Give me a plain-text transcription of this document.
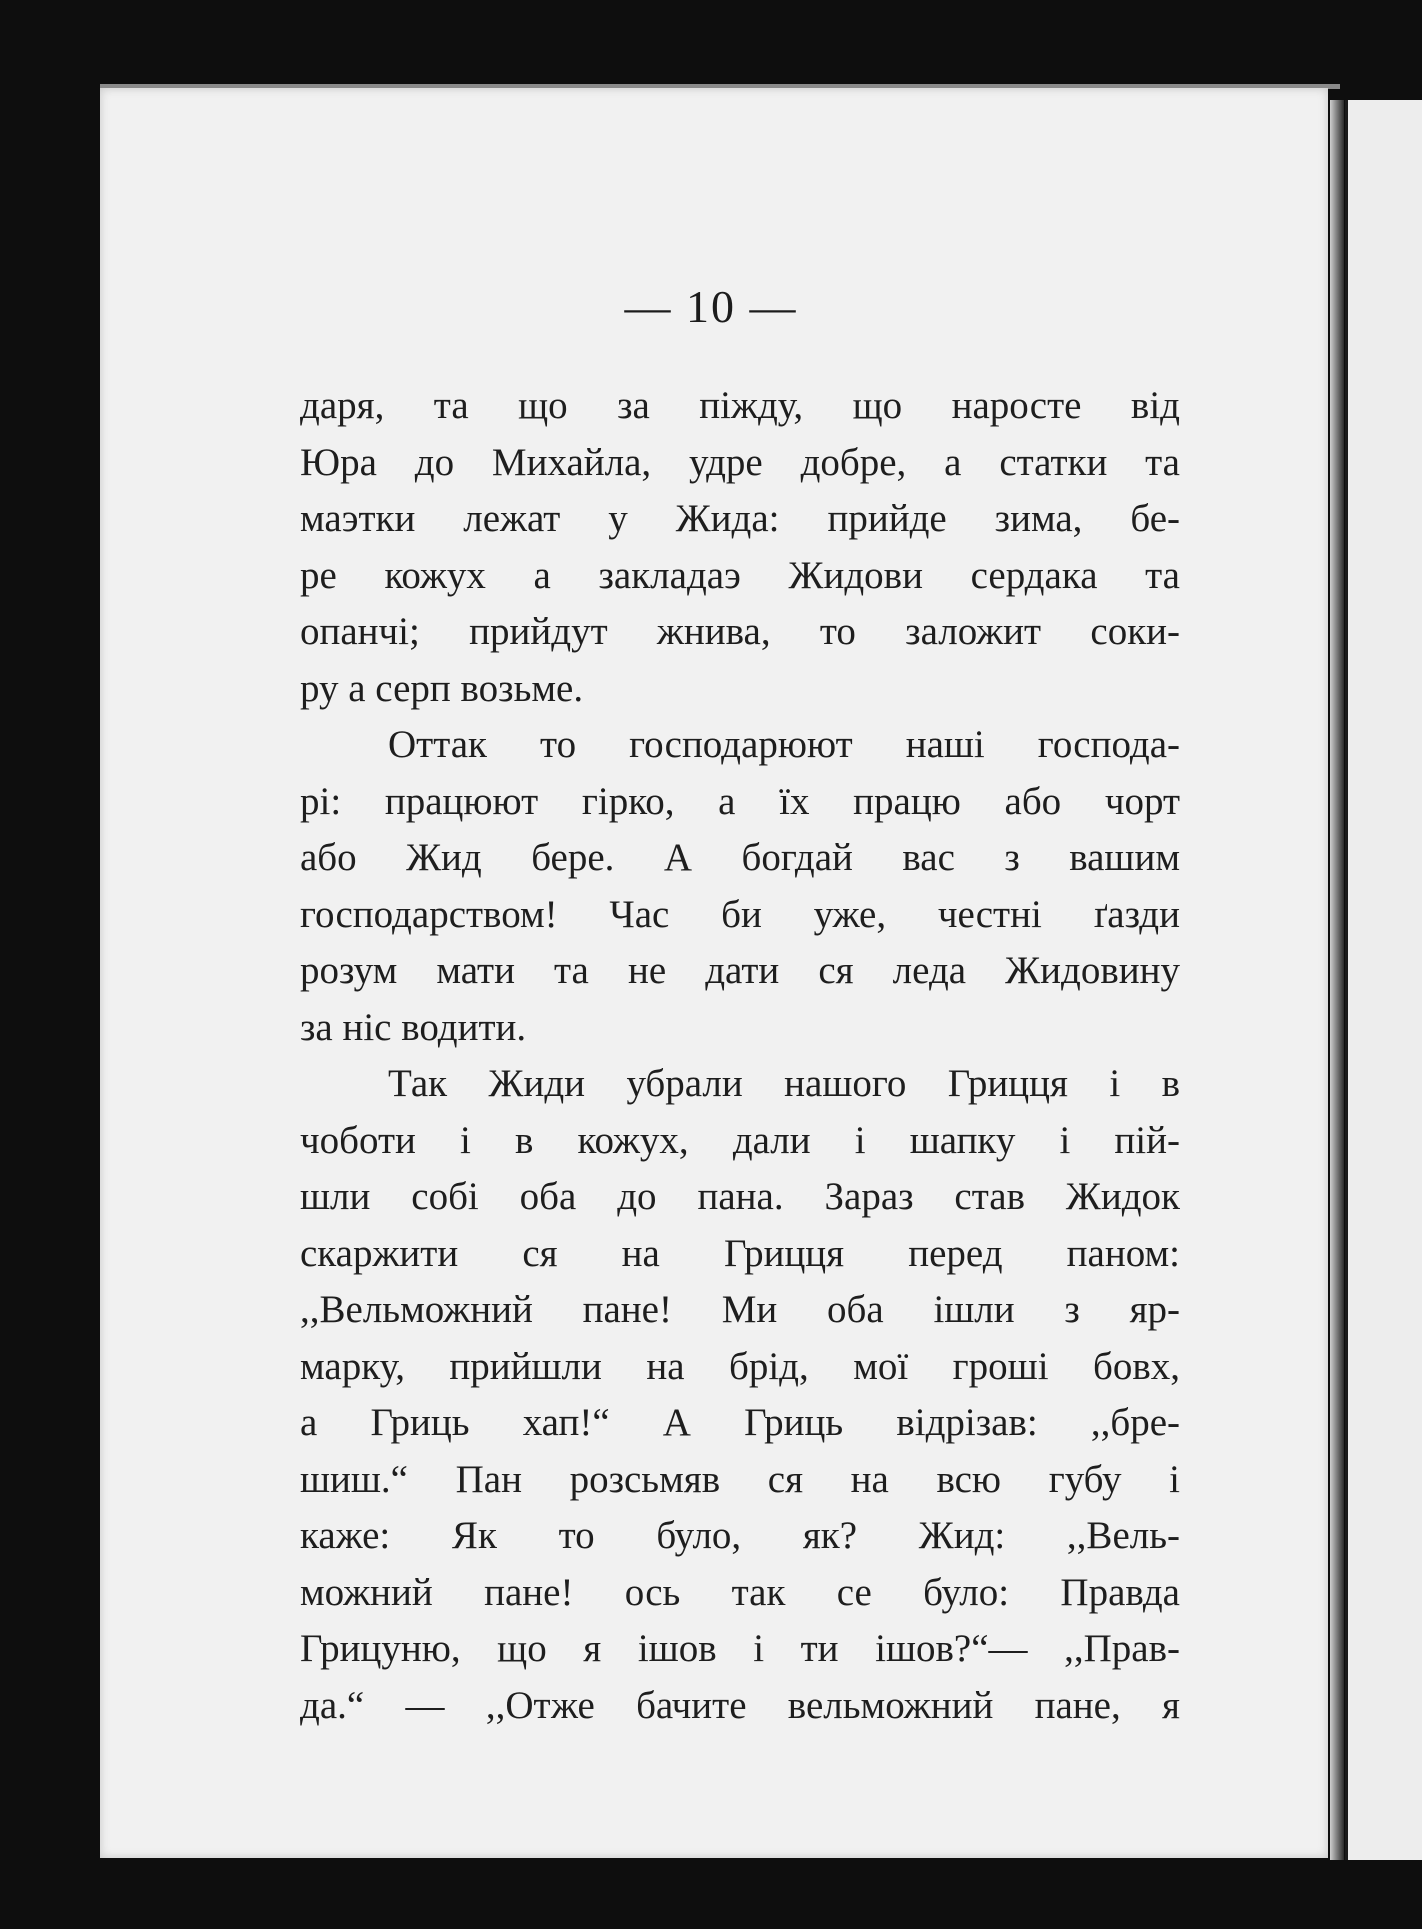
— 10 —
даря, та що за піжду, що наросте від
Юра до Михайла, удре добре, а статки та
маэтки лежат у Жида: прийде зима, бе-
ре кожух а закладаэ Жидови сердака та
опанчі; прийдут жнива, то заложит соки-
ру а серп возьме.
Оттак то господарюют наші господа-
рі: працюют гірко, а їх працю або чорт
або Жид бере. А богдай вас з вашим
господарством! Час би уже, честні ґазди
розум мати та не дати ся леда Жидовину
за ніс водити.
Так Жиди убрали нашого Грицця і в
чоботи і в кожух, дали і шапку і пій-
шли собі оба до пана. Зараз став Жидок
скаржити ся на Грицця перед паном:
,,Вельможний пане! Ми оба ішли з яр-
марку, прийшли на брід, мої гроші бовх,
а Гриць хап!“ А Гриць відрізав: ,,бре-
шиш.“ Пан розсьмяв ся на всю губу і
каже: Як то було, як? Жид: ,,Вель-
можний пане! ось так се було: Правда
Грицуню, що я ішов і ти ішов?“— ,,Прав-
да.“ — ,,Отже бачите вельможний пане, я
